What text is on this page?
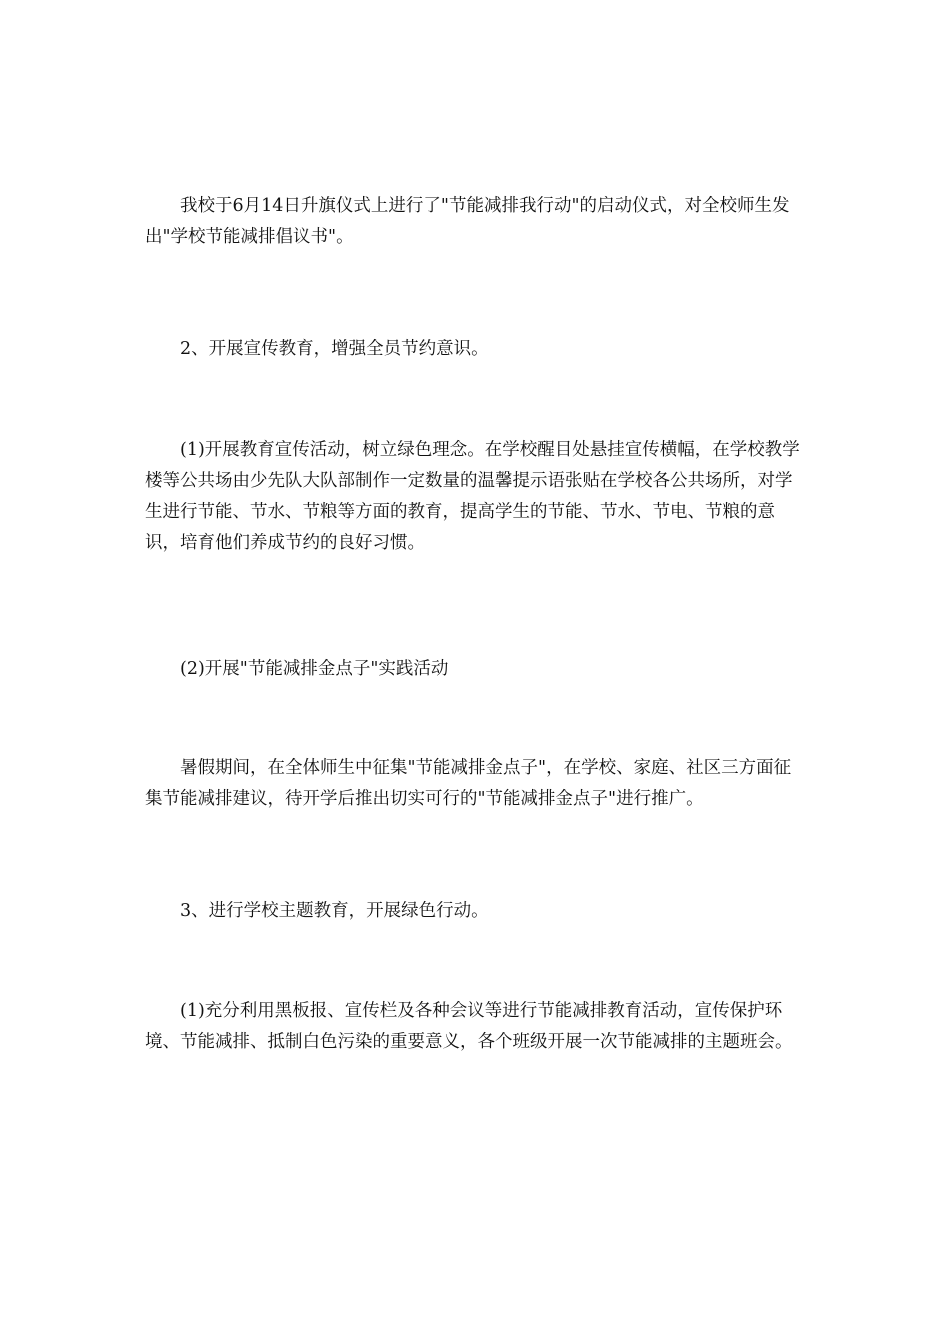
我校于6月14日升旗仪式上进行了"节能减排我行动"的启动仪式，对全校师生发出"学校节能减排倡议书"。

2、开展宣传教育，增强全员节约意识。

(1)开展教育宣传活动，树立绿色理念。在学校醒目处悬挂宣传横幅，在学校教学楼等公共场由少先队大队部制作一定数量的温馨提示语张贴在学校各公共场所，对学生进行节能、节水、节粮等方面的教育，提高学生的节能、节水、节电、节粮的意识，培育他们养成节约的良好习惯。

(2)开展"节能减排金点子"实践活动

暑假期间，在全体师生中征集"节能减排金点子"，在学校、家庭、社区三方面征集节能减排建议，待开学后推出切实可行的"节能减排金点子"进行推广。

3、进行学校主题教育，开展绿色行动。

(1)充分利用黑板报、宣传栏及各种会议等进行节能减排教育活动，宣传保护环境、节能减排、抵制白色污染的重要意义，各个班级开展一次节能减排的主题班会。
